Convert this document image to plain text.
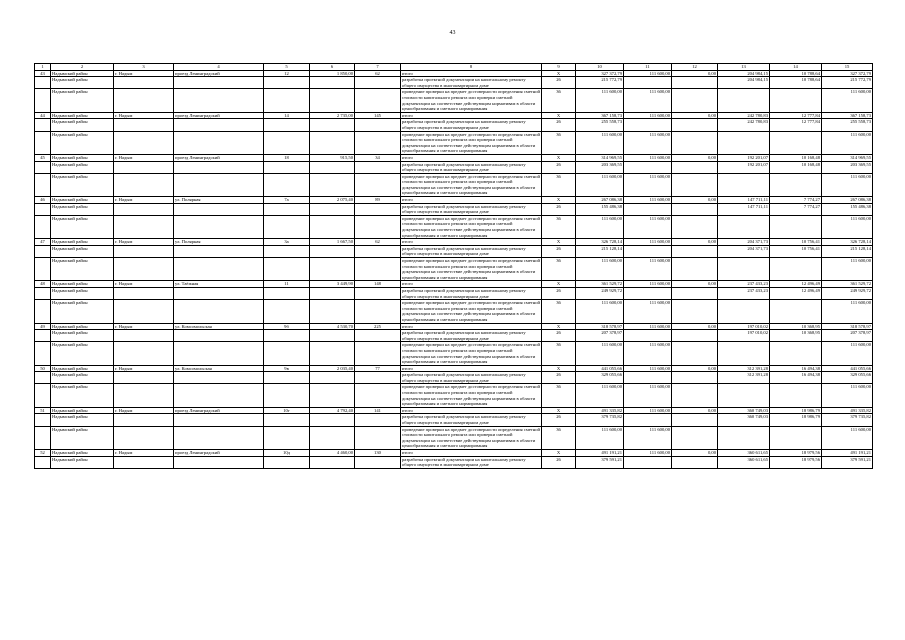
43
1	2	3	4	5	6	7	8	9	10	11	12	13	14	15
43	Надымский район	г. Надым	проезд Ленинградский	12	1 850,00	62	итого	X	327 372,79	111 600,00	0,00	204 984,15	10 788,64	327 372,79
	Надымский район						разработка проектной документации на капитальному ремонту общего имущества в многоквартирном доме	26	215 772,79			204 984,15	10 788,64	215 772,79
	Надымский район						проведение проверки на предмет достоверности определения сметной стоимости капитального ремонта или проверки сметной документации на соответствие действующим нормативам в области ценообразования и сметного нормирования	36	111 600,00	111 600,00				111 600,00
44	Надымский район	г. Надым	проезд Ленинградский	14	2 735,00	145	итого	X	367 158,73	111 600,00	0,00	242 780,83	12 777,84	367 158,73
	Надымский район						разработка проектной документации на капитальному ремонту общего имущества в многоквартирном доме	26	255 558,73			242 780,83	12 777,84	255 558,73
	Надымский район						проведение проверки на предмет достоверности определения сметной стоимости капитального ремонта или проверки сметной документации на соответствие действующим нормативам в области ценообразования и сметного нормирования	36	111 600,00	111 600,00				111 600,00
45	Надымский район	г. Надым	проезд Ленинградский	18	915,50	34	итого	X	314 969,55	111 600,00	0,00	192 201,07	10 168,48	314 969,55
	Надымский район						разработка проектной документации на капитальному ремонту общего имущества в многоквартирном доме	26	203 369,55			192 201,07	10 168,48	203 369,55
	Надымский район						проведение проверки на предмет достоверности определения сметной стоимости капитального ремонта или проверки сметной документации на соответствие действующим нормативам в области ценообразования и сметного нормирования	36	111 600,00	111 600,00				111 600,00
46	Надымский район	г. Надым	ул. Полярная	7а	2 075,40	89	итого	X	267 086,38	111 600,00	0,00	147 711,11	7 774,27	267 086,38
	Надымский район						разработка проектной документации на капитальному ремонту общего имущества в многоквартирном доме	26	155 486,38			147 711,11	7 774,27	155 486,38
	Надымский район						проведение проверки на предмет достоверности определения сметной стоимости капитального ремонта или проверки сметной документации на соответствие действующим нормативам в области ценообразования и сметного нормирования	36	111 600,00	111 600,00				111 600,00
47	Надымский район	г. Надым	ул. Полярная	3а	1 667,50	62	итого	X	326 728,14	111 600,00	0,00	204 371,73	10 756,41	326 728,14
	Надымский район						разработка проектной документации на капитальному ремонту общего имущества в многоквартирном доме	26	215 128,14			204 371,73	10 756,41	215 128,14
	Надымский район						проведение проверки на предмет достоверности определения сметной стоимости капитального ремонта или проверки сметной документации на соответствие действующим нормативам в области ценообразования и сметного нормирования	36	111 600,00	111 600,00				111 600,00
48	Надымский район	г. Надым	ул. Таёжная	11	3 449,90	148	итого	X	361 529,72	111 600,00	0,00	237 433,23	12 496,49	361 529,72
	Надымский район						разработка проектной документации на капитальному ремонту общего имущества в многоквартирном доме	26	249 929,72			237 433,23	12 496,49	249 929,72
	Надымский район						проведение проверки на предмет достоверности определения сметной стоимости капитального ремонта или проверки сметной документации на соответствие действующим нормативам в области ценообразования и сметного нормирования	36	111 600,00	111 600,00				111 600,00
49	Надымский район	г. Надым	ул. Комсомольская	9б	4 530,70	225	итого	X	318 578,97	111 600,00	0,00	197 010,02	10 368,95	318 578,97
	Надымский район						разработка проектной документации на капитальному ремонту общего имущества в многоквартирном доме	26	207 378,97			197 010,02	10 368,95	207 378,97
	Надымский район						проведение проверки на предмет достоверности определения сметной стоимости капитального ремонта или проверки сметной документации на соответствие действующим нормативам в области ценообразования и сметного нормирования	36	111 600,00	111 600,00				111 600,00
50	Надымский район	г. Надым	ул. Комсомольская	9в	2 035,40	77	итого	X	441 055,66	111 600,00	0,00	312 391,28	16 494,38	441 055,66
	Надымский район						разработка проектной документации на капитальному ремонту общего имущества в многоквартирном доме	26	329 055,66			312 391,28	16 494,38	329 055,66
	Надымский район						проведение проверки на предмет достоверности определения сметной стоимости капитального ремонта или проверки сметной документации на соответствие действующим нормативам в области ценообразования и сметного нормирования	36	111 600,00	111 600,00				111 600,00
51	Надымский район	г. Надым	проезд Ленинградский	10г	4 792,40	141	итого	X	491 335,82	111 600,00	0,00	360 749,03	18 986,79	491 335,82
	Надымский район						разработка проектной документации на капитальному ремонту общего имущества в многоквартирном доме	26	379 735,82			360 749,03	18 986,79	379 735,82
	Надымский район						проведение проверки на предмет достоверности определения сметной стоимости капитального ремонта или проверки сметной документации на соответствие действующим нормативам в области ценообразования и сметного нормирования	36	111 600,00	111 600,00				111 600,00
52	Надымский район	г. Надым	проезд Ленинградский	10д	4 460,00	130	итого	X	491 191,21	111 600,00	0,00	360 611,65	18 979,56	491 191,21
	Надымский район						разработка проектной документации на капитальному ремонту общего имущества в многоквартирном доме	26	379 591,21			360 611,65	18 979,56	379 591,21
